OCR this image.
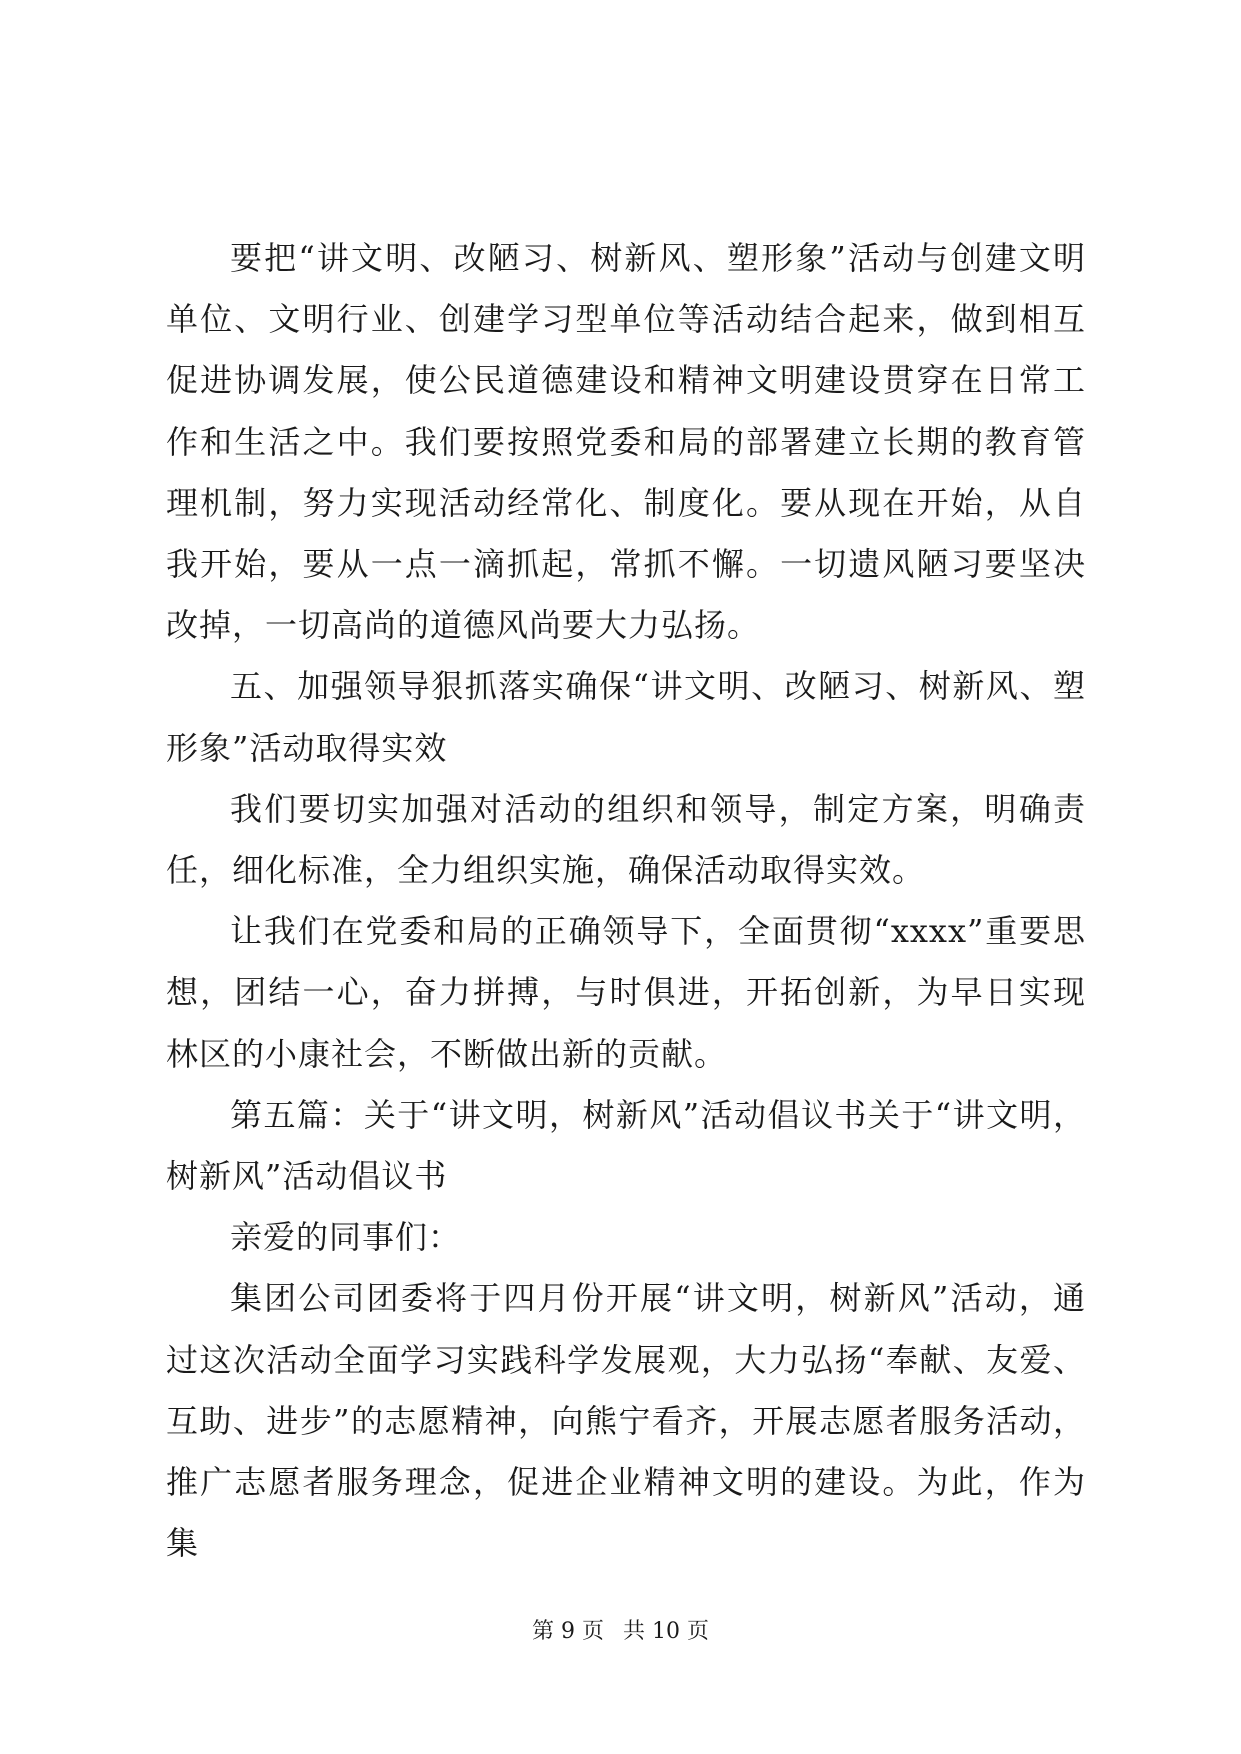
要把“讲文明、改陋习、树新风、塑形象”活动与创建文明单位、文明行业、创建学习型单位等活动结合起来，做到相互促进协调发展，使公民道德建设和精神文明建设贯穿在日常工作和生活之中。我们要按照党委和局的部署建立长期的教育管理机制，努力实现活动经常化、制度化。要从现在开始，从自我开始，要从一点一滴抓起，常抓不懈。一切遗风陋习要坚决改掉，一切高尚的道德风尚要大力弘扬。

五、加强领导狠抓落实确保“讲文明、改陋习、树新风、塑形象”活动取得实效

我们要切实加强对活动的组织和领导，制定方案，明确责任，细化标准，全力组织实施，确保活动取得实效。

让我们在党委和局的正确领导下，全面贯彻“xxxx”重要思想，团结一心，奋力拼搏，与时俱进，开拓创新，为早日实现林区的小康社会，不断做出新的贡献。

第五篇：关于“讲文明，树新风”活动倡议书关于“讲文明，树新风”活动倡议书

亲爱的同事们：

集团公司团委将于四月份开展“讲文明，树新风”活动，通过这次活动全面学习实践科学发展观，大力弘扬“奉献、友爱、互助、进步”的志愿精神，向熊宁看齐，开展志愿者服务活动，推广志愿者服务理念，促进企业精神文明的建设。为此，作为集

第 9 页 共 10 页
